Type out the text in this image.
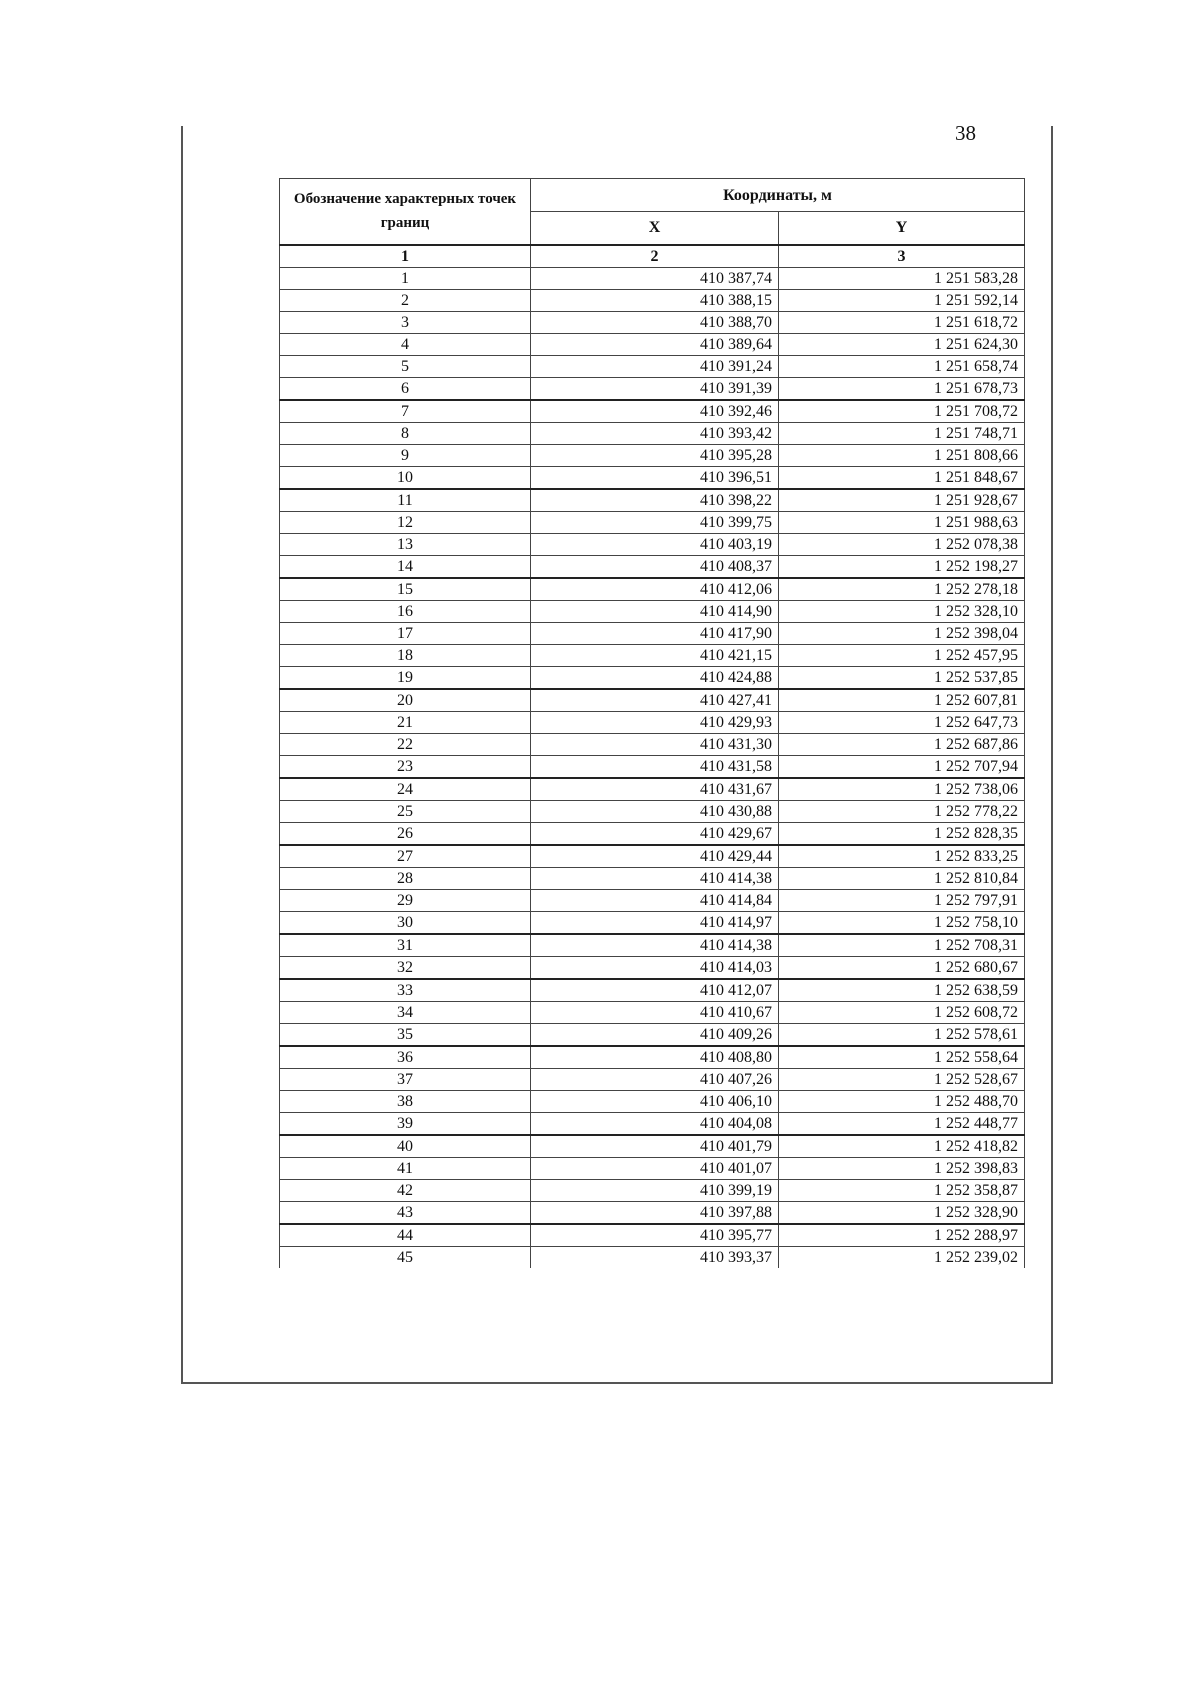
38
Обозначение характерных точек границ	Координаты, м	
	X	Y
1	2	3
1	410 387,74	1 251 583,28
2	410 388,15	1 251 592,14
3	410 388,70	1 251 618,72
4	410 389,64	1 251 624,30
5	410 391,24	1 251 658,74
6	410 391,39	1 251 678,73
7	410 392,46	1 251 708,72
8	410 393,42	1 251 748,71
9	410 395,28	1 251 808,66
10	410 396,51	1 251 848,67
11	410 398,22	1 251 928,67
12	410 399,75	1 251 988,63
13	410 403,19	1 252 078,38
14	410 408,37	1 252 198,27
15	410 412,06	1 252 278,18
16	410 414,90	1 252 328,10
17	410 417,90	1 252 398,04
18	410 421,15	1 252 457,95
19	410 424,88	1 252 537,85
20	410 427,41	1 252 607,81
21	410 429,93	1 252 647,73
22	410 431,30	1 252 687,86
23	410 431,58	1 252 707,94
24	410 431,67	1 252 738,06
25	410 430,88	1 252 778,22
26	410 429,67	1 252 828,35
27	410 429,44	1 252 833,25
28	410 414,38	1 252 810,84
29	410 414,84	1 252 797,91
30	410 414,97	1 252 758,10
31	410 414,38	1 252 708,31
32	410 414,03	1 252 680,67
33	410 412,07	1 252 638,59
34	410 410,67	1 252 608,72
35	410 409,26	1 252 578,61
36	410 408,80	1 252 558,64
37	410 407,26	1 252 528,67
38	410 406,10	1 252 488,70
39	410 404,08	1 252 448,77
40	410 401,79	1 252 418,82
41	410 401,07	1 252 398,83
42	410 399,19	1 252 358,87
43	410 397,88	1 252 328,90
44	410 395,77	1 252 288,97
45	410 393,37	1 252 239,02
